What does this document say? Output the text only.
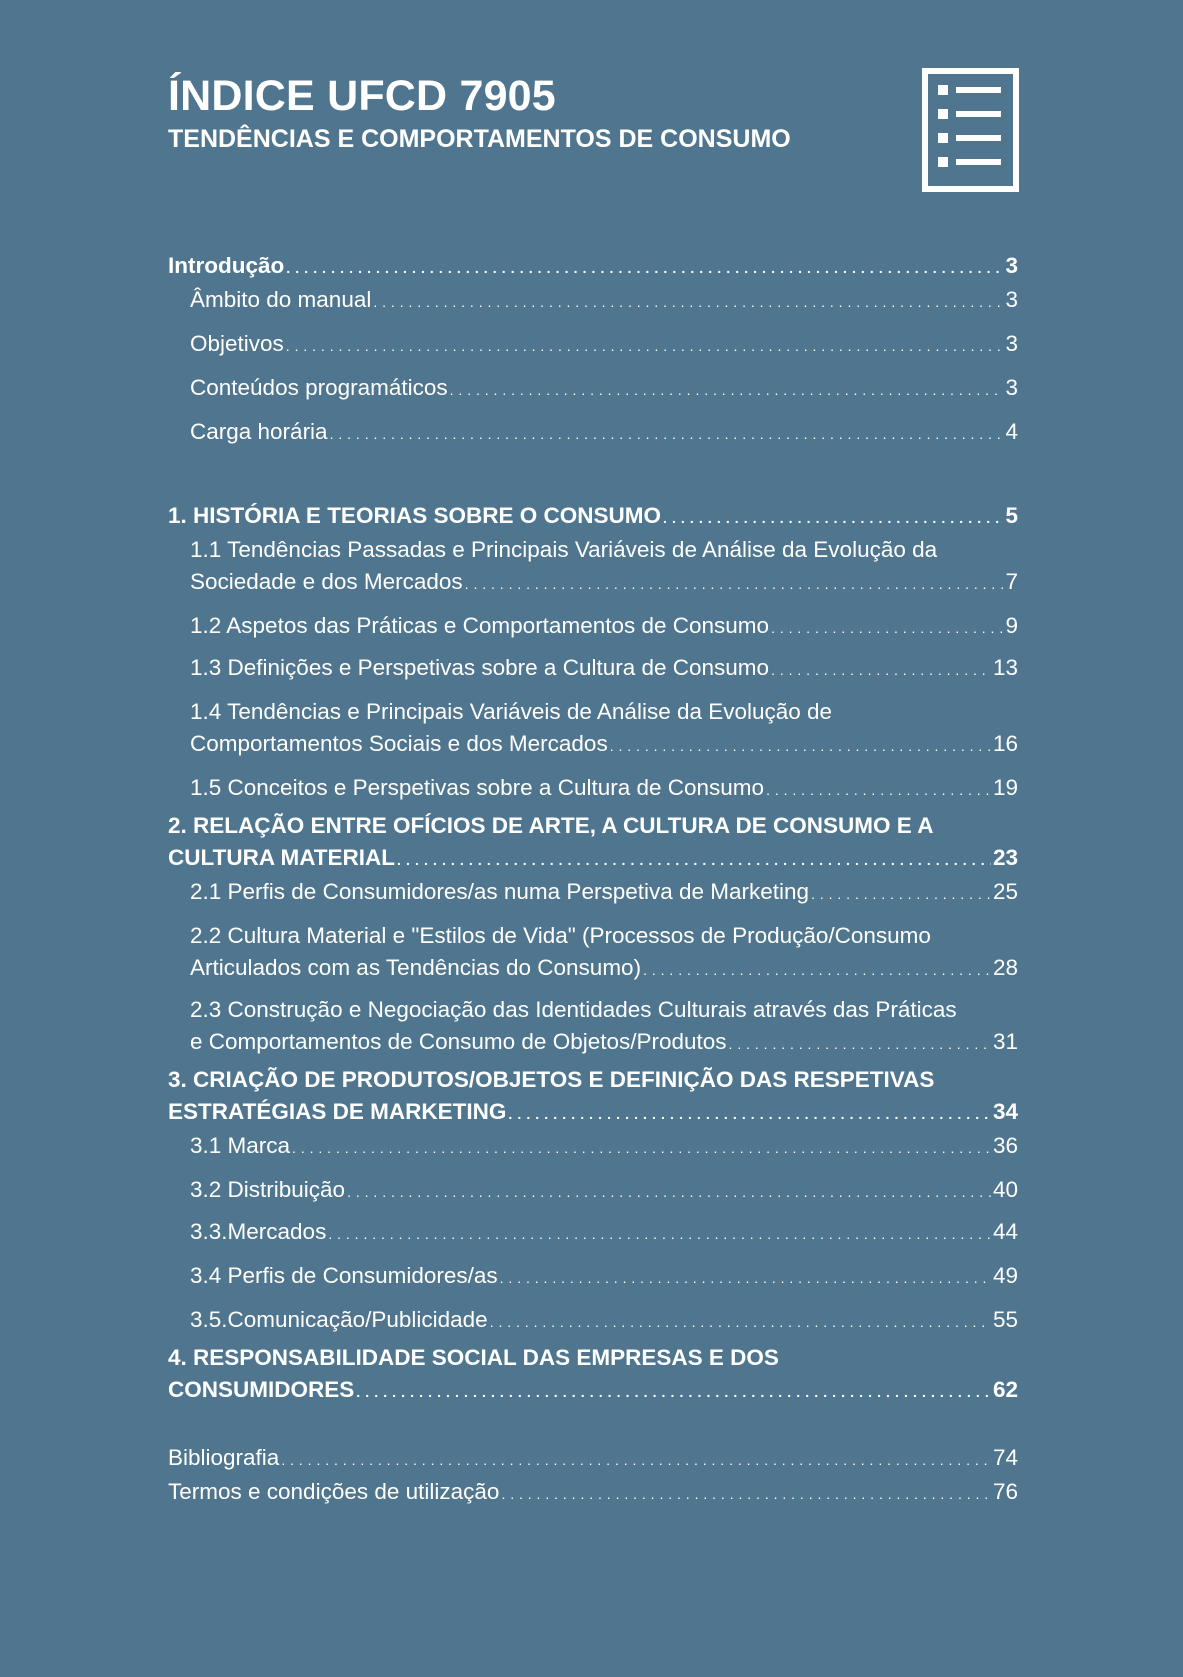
ÍNDICE UFCD 7905
TENDÊNCIAS E COMPORTAMENTOS DE CONSUMO
Introdução . . .	3
Âmbito do manual . . .	3
Objetivos . . .	3
Conteúdos programáticos . . .	3
Carga horária . . .	4
1. HISTÓRIA E TEORIAS SOBRE O CONSUMO . . .	5
1.1 Tendências Passadas e Principais Variáveis de Análise da Evolução da
Sociedade e dos Mercados . . .	7
1.2 Aspetos das Práticas e Comportamentos de Consumo . . .	9
1.3 Definições e Perspetivas sobre a Cultura de Consumo . . .	13
1.4 Tendências e Principais Variáveis de Análise da Evolução de
Comportamentos Sociais e dos Mercados . . .	16
1.5 Conceitos e Perspetivas sobre a Cultura de Consumo . . .	19
2. RELAÇÃO ENTRE OFÍCIOS DE ARTE, A CULTURA DE CONSUMO E A
CULTURA MATERIAL . . .	23
2.1 Perfis de Consumidores/as numa Perspetiva de Marketing . . .	25
2.2 Cultura Material e "Estilos de Vida" (Processos de Produção/Consumo
Articulados com as Tendências do Consumo) . . .	28
2.3 Construção e Negociação das Identidades Culturais através das Práticas
e Comportamentos de Consumo de Objetos/Produtos . . .	31
3. CRIAÇÃO DE PRODUTOS/OBJETOS E DEFINIÇÃO DAS RESPETIVAS
ESTRATÉGIAS DE MARKETING . . .	34
3.1 Marca . . .	36
3.2 Distribuição . . .	40
3.3.Mercados . . .	44
3.4 Perfis de Consumidores/as . . .	49
3.5.Comunicação/Publicidade . . .	55
4. RESPONSABILIDADE SOCIAL DAS EMPRESAS E DOS
CONSUMIDORES . . .	62
Bibliografia . . .	74
Termos e condições de utilização . . .	76
